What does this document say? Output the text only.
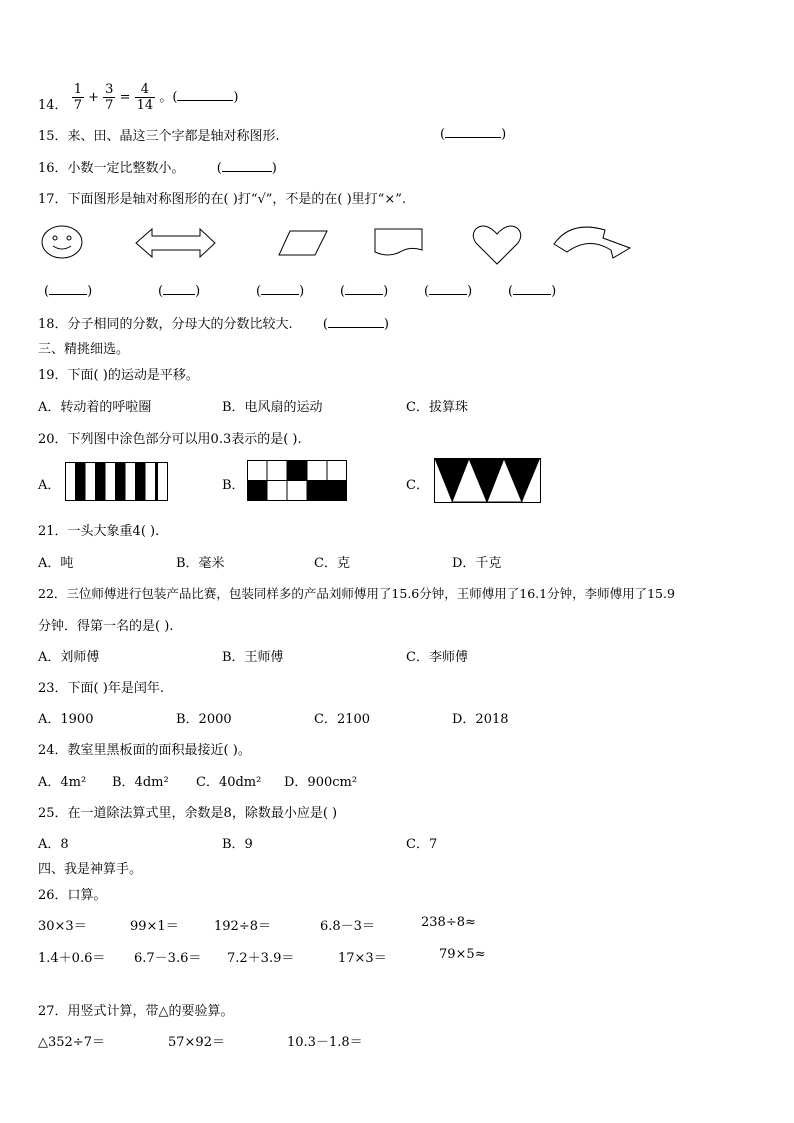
14． $\frac{1}{7} + \frac{3}{7} = \frac{4}{14}$ 。(	)
15．来、田、晶这三个字都是轴对称图形.	(	)
16．小数一定比整数小。 (	)
17．下面图形是轴对称图形的在( )打“√”，不是的在( )里打“×”.
(	)	( )	(	)	(	)	(	)	(	)
18．分子相同的分数，分母大的分数比较大. (	)
三、精挑细选。
19．下面( )的运动是平移。
A．转动着的呼啦圈	B．电风扇的运动	C．拔算珠
20．下列图中涂色部分可以用0.3表示的是( ).
A．	B．	C．
21．一头大象重4( ).
A．吨	B．毫米	C．克	D．千克
22．三位师傅进行包装产品比赛，包装同样多的产品刘师傅用了15.6分钟，王师傅用了16.1分钟，李师傅用了15.9
分钟．得第一名的是( ).
A．刘师傅	B．王师傅	C．李师傅
23．下面( )年是闰年.
A．1900	B．2000	C．2100	D．2018
24．教室里黑板面的面积最接近( )。
A．4m² B．4dm² C．40dm² D．900cm²
25．在一道除法算式里，余数是8，除数最小应是( )
A．8	B．9	C．7
四、我是神算手。
26．口算。
30×3＝	99×1＝	192÷8＝	6.8－3＝	238÷8≈
1.4＋0.6＝ 6.7－3.6＝ 7.2＋3.9＝	17×3＝	79×5≈
27．用竖式计算，带△的要验算。
△352÷7＝	57×92＝	10.3－1.8＝
